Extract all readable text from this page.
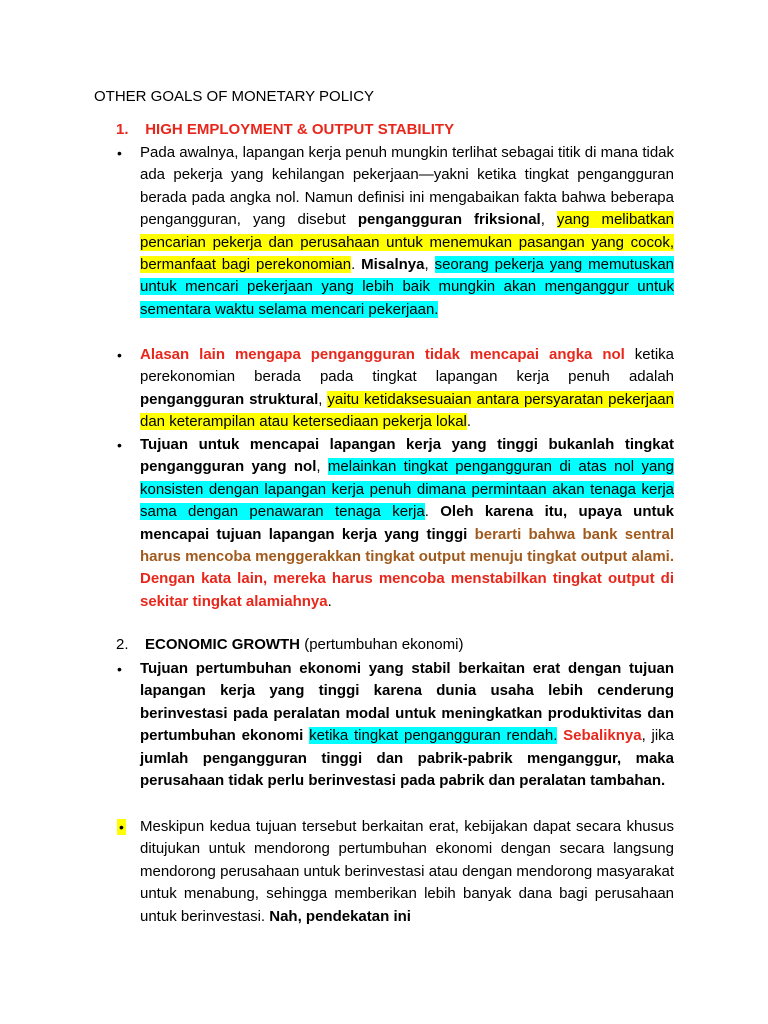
OTHER GOALS OF MONETARY POLICY
1. HIGH EMPLOYMENT & OUTPUT STABILITY
• Pada awalnya, lapangan kerja penuh mungkin terlihat sebagai titik di mana tidak ada pekerja yang kehilangan pekerjaan—yakni ketika tingkat pengangguran berada pada angka nol. Namun definisi ini mengabaikan fakta bahwa beberapa pengangguran, yang disebut pengangguran friksional, yang melibatkan pencarian pekerja dan perusahaan untuk menemukan pasangan yang cocok, bermanfaat bagi perekonomian. Misalnya, seorang pekerja yang memutuskan untuk mencari pekerjaan yang lebih baik mungkin akan menganggur untuk sementara waktu selama mencari pekerjaan.
• Alasan lain mengapa pengangguran tidak mencapai angka nol ketika perekonomian berada pada tingkat lapangan kerja penuh adalah pengangguran struktural, yaitu ketidaksesuaian antara persyaratan pekerjaan dan keterampilan atau ketersediaan pekerja lokal.
• Tujuan untuk mencapai lapangan kerja yang tinggi bukanlah tingkat pengangguran yang nol, melainkan tingkat pengangguran di atas nol yang konsisten dengan lapangan kerja penuh dimana permintaan akan tenaga kerja sama dengan penawaran tenaga kerja. Oleh karena itu, upaya untuk mencapai tujuan lapangan kerja yang tinggi berarti bahwa bank sentral harus mencoba menggerakkan tingkat output menuju tingkat output alami. Dengan kata lain, mereka harus mencoba menstabilkan tingkat output di sekitar tingkat alamiahnya.
2. ECONOMIC GROWTH (pertumbuhan ekonomi)
• Tujuan pertumbuhan ekonomi yang stabil berkaitan erat dengan tujuan lapangan kerja yang tinggi karena dunia usaha lebih cenderung berinvestasi pada peralatan modal untuk meningkatkan produktivitas dan pertumbuhan ekonomi ketika tingkat pengangguran rendah. Sebaliknya, jika jumlah pengangguran tinggi dan pabrik-pabrik menganggur, maka perusahaan tidak perlu berinvestasi pada pabrik dan peralatan tambahan.
• Meskipun kedua tujuan tersebut berkaitan erat, kebijakan dapat secara khusus ditujukan untuk mendorong pertumbuhan ekonomi dengan secara langsung mendorong perusahaan untuk berinvestasi atau dengan mendorong masyarakat untuk menabung, sehingga memberikan lebih banyak dana bagi perusahaan untuk berinvestasi. Nah, pendekatan ini
